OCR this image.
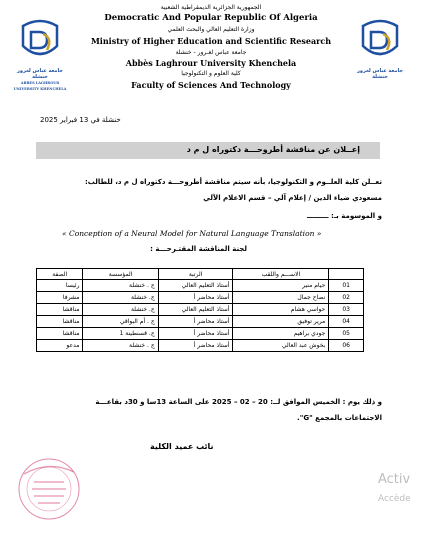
جامعة عباس لغرور خنشلة
ABBES LAGHROUR UNIVERSITY KHENCHELA
جامعة عباس لغرور خنشلة
الجمهورية الجزائرية الديمقراطية الشعبية
Democratic And Popular Republic Of Algeria
وزارة التعليم العالي والبحث العلمي
Ministry of Higher Education and Scientific Research
جامعة عباس لغـرور - خنشلة
Abbès Laghrour University Khenchela
كلية العلوم و التكنولوجيا
Faculty of Sciences And Technology
خنشلة في 13 فبراير 2025
إعــلان عن مناقشة أطروحـــة دكتوراه ل م د
تعــلن كلية العلــوم و التكنولوجيا، بأنه سيتم مناقشة أطروحـــة دكتوراه ل م د، للطالب:
مسعودي ضياء الدين / إعلام آلي – قسم الاعلام الآلي
و الموسومة بـ: ـــــــــ
« Conception of a Neural Model for Natural Language Translation »
لجنة المناقشة المقتـرحـــة :
	الاســـم واللقب	الرتبة	المؤسسة	الصفة
01	حيام منير	أستاذ التعليم العالي	ج . خنشلة	رئيسا
02	نصاح جمال	أستاذ محاضر أ	ج. خنشلة	مشرفا
03	حواسي هشام	أستاذ التعليم العالي	ج. خنشلة	مناقشا
04	مرير توفيق	أستاذ محاضر أ	ج . أم البواقي	مناقشا
05	جودي براهيم	أستاذ محاضر أ	ج. قسنطينة 1	مناقشا
06	بخوش عبد العالي	أستاذ محاضر أ	ج . خنشلة	مدعو
و ذلك يوم : الخميس الموافق لــ: 20 – 02 – 2025 على الساعة 13سا و 30د بقاعـــة
الاجتماعات بالمجمع "G".
نائب عميد الكلية
Activ
Accède
